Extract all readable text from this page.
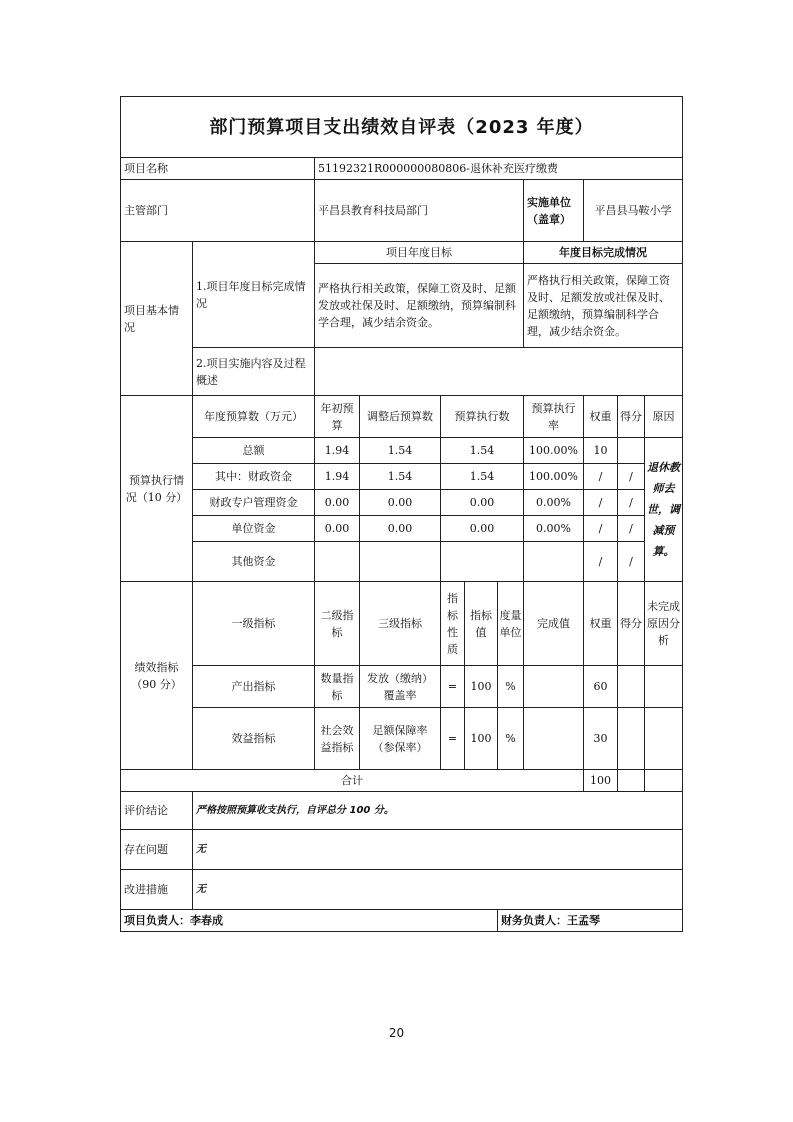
部门预算项目支出绩效自评表（2023 年度）										
项目名称		51192321R000000080806-退休补充医疗缴费								
主管部门		平昌县教育科技局部门					实施单位（盖章）	平昌县马鞍小学		
项目基本情况	1.项目年度目标完成情况	项目年度目标					年度目标完成情况			
		严格执行相关政策，保障工资及时、足额发放或社保及时、足额缴纳，预算编制科学合理，减少结余资金。					严格执行相关政策，保障工资及时、足额发放或社保及时、足额缴纳，预算编制科学合理，减少结余资金。			
	2.项目实施内容及过程概述									
预算执行情况（10 分）	年度预算数（万元）	年初预算	调整后预算数	预算执行数			预算执行率	权重	得分	原因
	总额	1.94	1.54	1.54			100.00%	10		退休教师去世，调减预算。
	其中：财政资金	1.94	1.54	1.54			100.00%	/	/	
	财政专户管理资金	0.00	0.00	0.00			0.00%	/	/	
	单位资金	0.00	0.00	0.00			0.00%	/	/	
	其他资金							/	/	
绩效指标（90 分）	一级指标	二级指标	三级指标	指标性质	指标值	度量单位	完成值	权重	得分	未完成原因分析
	产出指标	数量指标	发放（缴纳）覆盖率	=	100	%		60		
	效益指标	社会效益指标	足额保障率（参保率）	=	100	%		30		
合计								100		
评价结论	严格按照预算收支执行，自评总分 100 分。									
存在问题	无									
改进措施	无									
项目负责人：李春成						财务负责人：王孟琴				
20
